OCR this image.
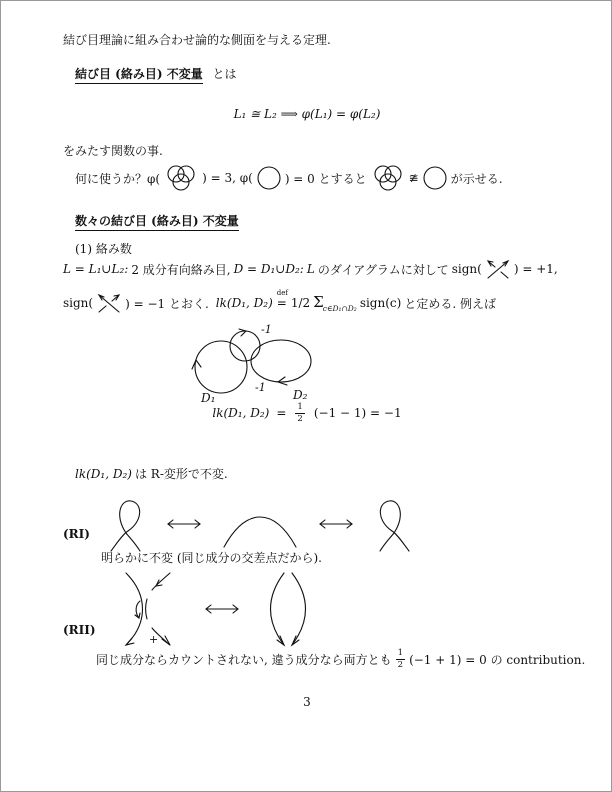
結び目理論に組み合わせ論的な側面を与える定理.
結び目 (絡み目) 不変量 とは
L₁ ≅ L₂ ⟹ φ(L₁) = φ(L₂)
をみたす関数の事.
何に使うか？φ(	) = 3, φ(	) = 0 とすると	≇	が示せる.
数々の結び目 (絡み目) 不変量
(1) 絡み数
L = L₁∪L₂: 2 成分有向絡み目, D = D₁∪D₂: L のダイアグラムに対して sign(	) = +1,
sign(	) = −1 とおく. lk(D₁, D₂)
def
= 1/2 $\Sigma_{c\in D_1\cap D_2}$ sign(c) と定める. 例えば
-1
-1
D₁	D₂
lk(D₁, $D_2) = \frac{1}{2} (-1 - 1) = -1$
lk(D₁, D₂) は R-変形で不変.
(RI)
明らかに不変 (同じ成分の交差点だから).
(RII)
+
同じ成分ならカウントされない, 違う成分なら両方とも $\frac{1}{2} (-1 + 1) = 0$ の contribution.
3
